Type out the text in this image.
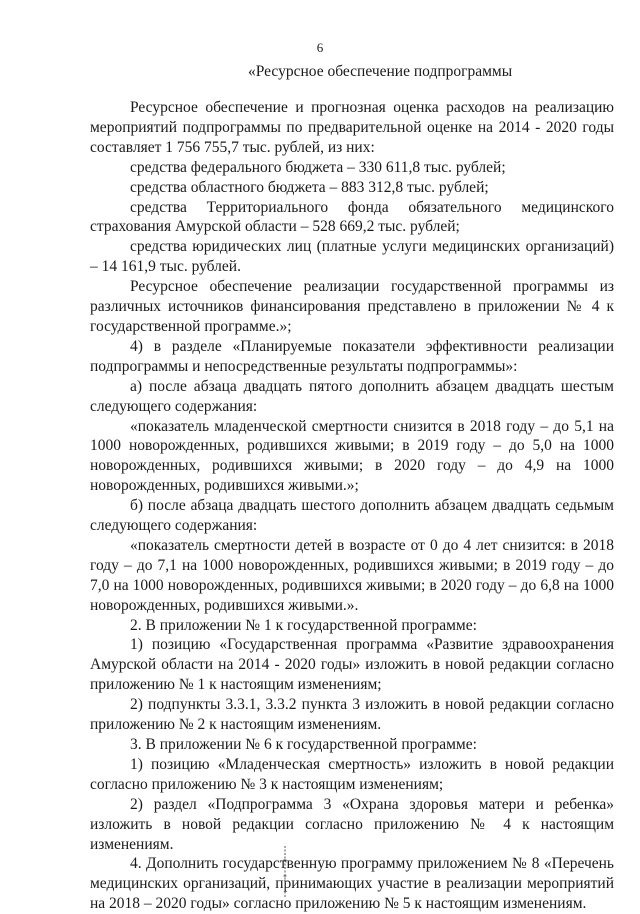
6
«Ресурсное обеспечение подпрограммы

Ресурсное обеспечение и прогнозная оценка расходов на реализацию мероприятий подпрограммы по предварительной оценке на 2014 - 2020 годы составляет 1 756 755,7 тыс. рублей, из них:

средства федерального бюджета – 330 611,8 тыс. рублей;

средства областного бюджета – 883 312,8 тыс. рублей;

средства Территориального фонда обязательного медицинского страхования Амурской области – 528 669,2 тыс. рублей;

средства юридических лиц (платные услуги медицинских организаций) – 14 161,9 тыс. рублей.

Ресурсное обеспечение реализации государственной программы из различных источников финансирования представлено в приложении № 4 к государственной программе.»;

4) в разделе «Планируемые показатели эффективности реализации подпрограммы и непосредственные результаты подпрограммы»:

а) после абзаца двадцать пятого дополнить абзацем двадцать шестым следующего содержания:

«показатель младенческой смертности снизится в 2018 году – до 5,1 на 1000 новорожденных, родившихся живыми; в 2019 году – до 5,0 на 1000 новорожденных, родившихся живыми; в 2020 году – до 4,9 на 1000 новорожденных, родившихся живыми.»;

б) после абзаца двадцать шестого дополнить абзацем двадцать седьмым следующего содержания:

«показатель смертности детей в возрасте от 0 до 4 лет снизится: в 2018 году – до 7,1 на 1000 новорожденных, родившихся живыми; в 2019 году – до 7,0 на 1000 новорожденных, родившихся живыми; в 2020 году – до 6,8 на 1000 новорожденных, родившихся живыми.».

2. В приложении № 1 к государственной программе:

1) позицию «Государственная программа «Развитие здравоохранения Амурской области на 2014 - 2020 годы» изложить в новой редакции согласно приложению № 1 к настоящим изменениям;

2) подпункты 3.3.1, 3.3.2 пункта 3 изложить в новой редакции согласно приложению № 2 к настоящим изменениям.

3. В приложении № 6 к государственной программе:

1) позицию «Младенческая смертность» изложить в новой редакции согласно приложению № 3 к настоящим изменениям;

2) раздел «Подпрограмма 3 «Охрана здоровья матери и ребенка» изложить в новой редакции согласно приложению № 4 к настоящим изменениям.

4. Дополнить государственную программу приложением № 8 «Перечень медицинских организаций, принимающих участие в реализации мероприятий на 2018 – 2020 годы» согласно приложению № 5 к настоящим изменениям.
